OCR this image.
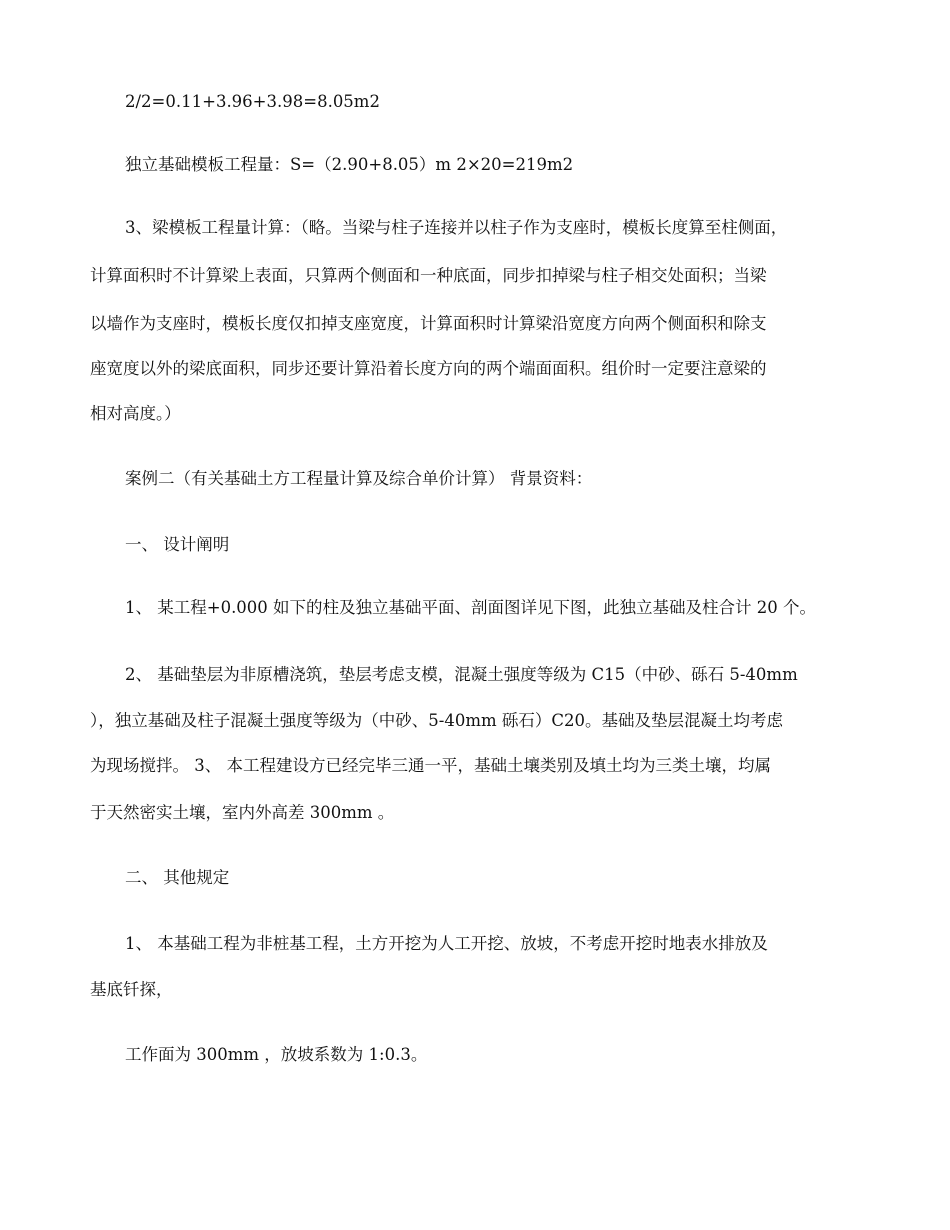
2/2=0.11+3.96+3.98=8.05m2
独立基础模板工程量：S=（2.90+8.05）m 2×20=219m2
3、梁模板工程量计算：（略。当梁与柱子连接并以柱子作为支座时，模板长度算至柱侧面，
计算面积时不计算梁上表面，只算两个侧面和一种底面，同步扣掉梁与柱子相交处面积；当梁
以墙作为支座时，模板长度仅扣掉支座宽度，计算面积时计算梁沿宽度方向两个侧面积和除支
座宽度以外的梁底面积，同步还要计算沿着长度方向的两个端面面积。组价时一定要注意梁的
相对高度。）
案例二（有关基础土方工程量计算及综合单价计算） 背景资料：
一、 设计阐明
1、 某工程+0.000 如下的柱及独立基础平面、剖面图详见下图，此独立基础及柱合计 20 个。
2、 基础垫层为非原槽浇筑，垫层考虑支模，混凝土强度等级为 C15（中砂、砾石 5-40mm
），独立基础及柱子混凝土强度等级为（中砂、5-40mm 砾石）C20。基础及垫层混凝土均考虑
为现场搅拌。 3、 本工程建设方已经完毕三通一平，基础土壤类别及填土均为三类土壤，均属
于天然密实土壤，室内外高差 300mm 。
二、 其他规定
1、 本基础工程为非桩基工程，土方开挖为人工开挖、放坡，不考虑开挖时地表水排放及
基底钎探，
工作面为 300mm ，放坡系数为 1:0.3。
